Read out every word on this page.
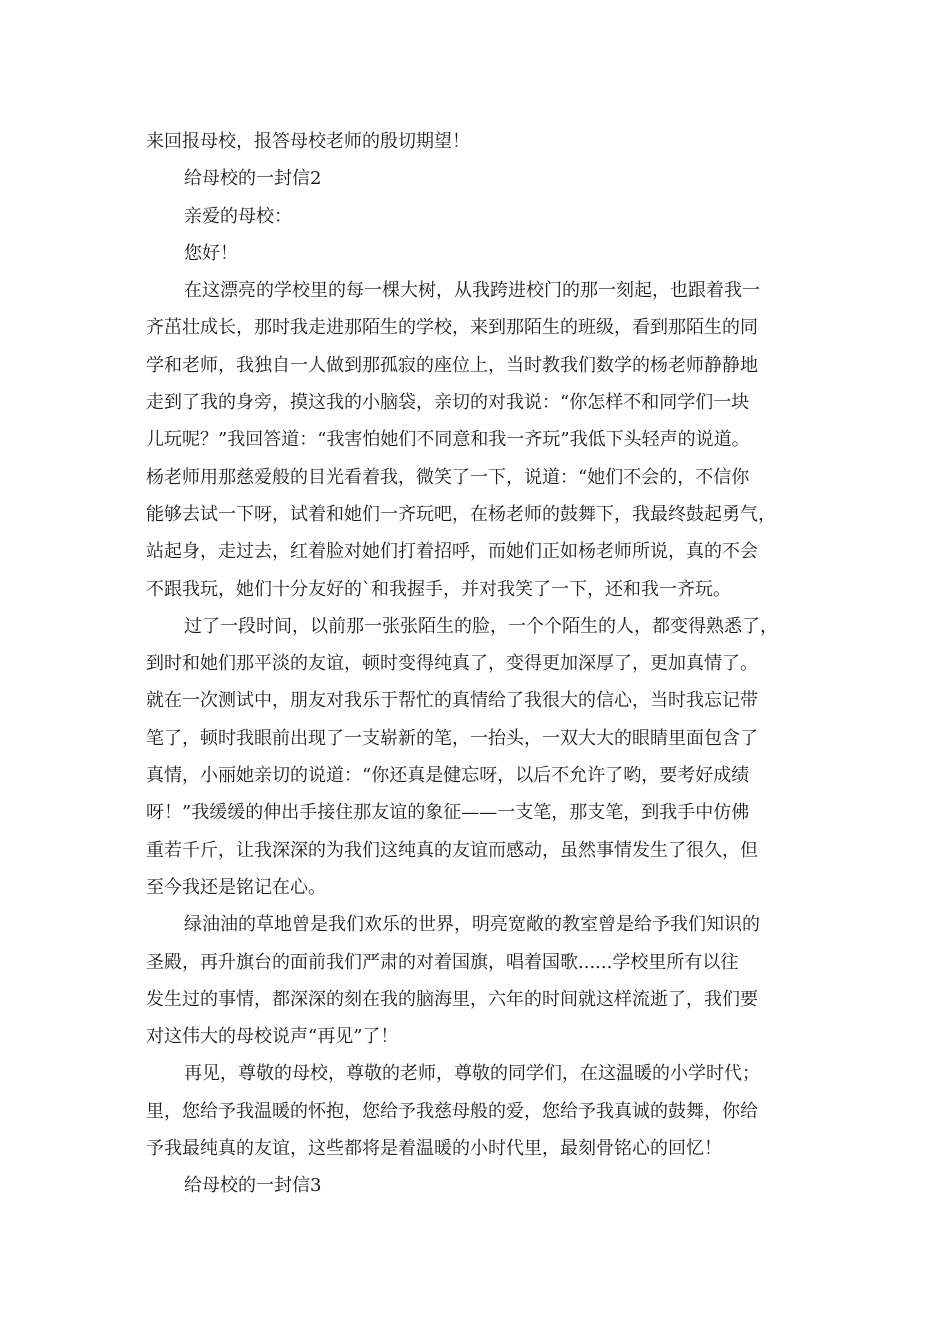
来回报母校，报答母校老师的殷切期望！
给母校的一封信2
亲爱的母校：
您好！
在这漂亮的学校里的每一棵大树，从我跨进校门的那一刻起，也跟着我一
齐茁壮成长，那时我走进那陌生的学校，来到那陌生的班级，看到那陌生的同
学和老师，我独自一人做到那孤寂的座位上，当时教我们数学的杨老师静静地
走到了我的身旁，摸这我的小脑袋，亲切的对我说：“你怎样不和同学们一块
儿玩呢？”我回答道：“我害怕她们不同意和我一齐玩”我低下头轻声的说道。
杨老师用那慈爱般的目光看着我，微笑了一下，说道：“她们不会的，不信你
能够去试一下呀，试着和她们一齐玩吧，在杨老师的鼓舞下，我最终鼓起勇气，
站起身，走过去，红着脸对她们打着招呼，而她们正如杨老师所说，真的不会
不跟我玩，她们十分友好的`和我握手，并对我笑了一下，还和我一齐玩。
过了一段时间，以前那一张张陌生的脸，一个个陌生的人，都变得熟悉了，
到时和她们那平淡的友谊，顿时变得纯真了，变得更加深厚了，更加真情了。
就在一次测试中，朋友对我乐于帮忙的真情给了我很大的信心，当时我忘记带
笔了，顿时我眼前出现了一支崭新的笔，一抬头，一双大大的眼睛里面包含了
真情，小丽她亲切的说道：“你还真是健忘呀，以后不允许了哟，要考好成绩
呀！”我缓缓的伸出手接住那友谊的象征——一支笔，那支笔，到我手中仿佛
重若千斤，让我深深的为我们这纯真的友谊而感动，虽然事情发生了很久，但
至今我还是铭记在心。
绿油油的草地曾是我们欢乐的世界，明亮宽敞的教室曾是给予我们知识的
圣殿，再升旗台的面前我们严肃的对着国旗，唱着国歌......学校里所有以往
发生过的事情，都深深的刻在我的脑海里，六年的时间就这样流逝了，我们要
对这伟大的母校说声“再见”了！
再见，尊敬的母校，尊敬的老师，尊敬的同学们，在这温暖的小学时代；
里，您给予我温暖的怀抱，您给予我慈母般的爱，您给予我真诚的鼓舞，你给
予我最纯真的友谊，这些都将是着温暖的小时代里，最刻骨铭心的回忆！
给母校的一封信3
